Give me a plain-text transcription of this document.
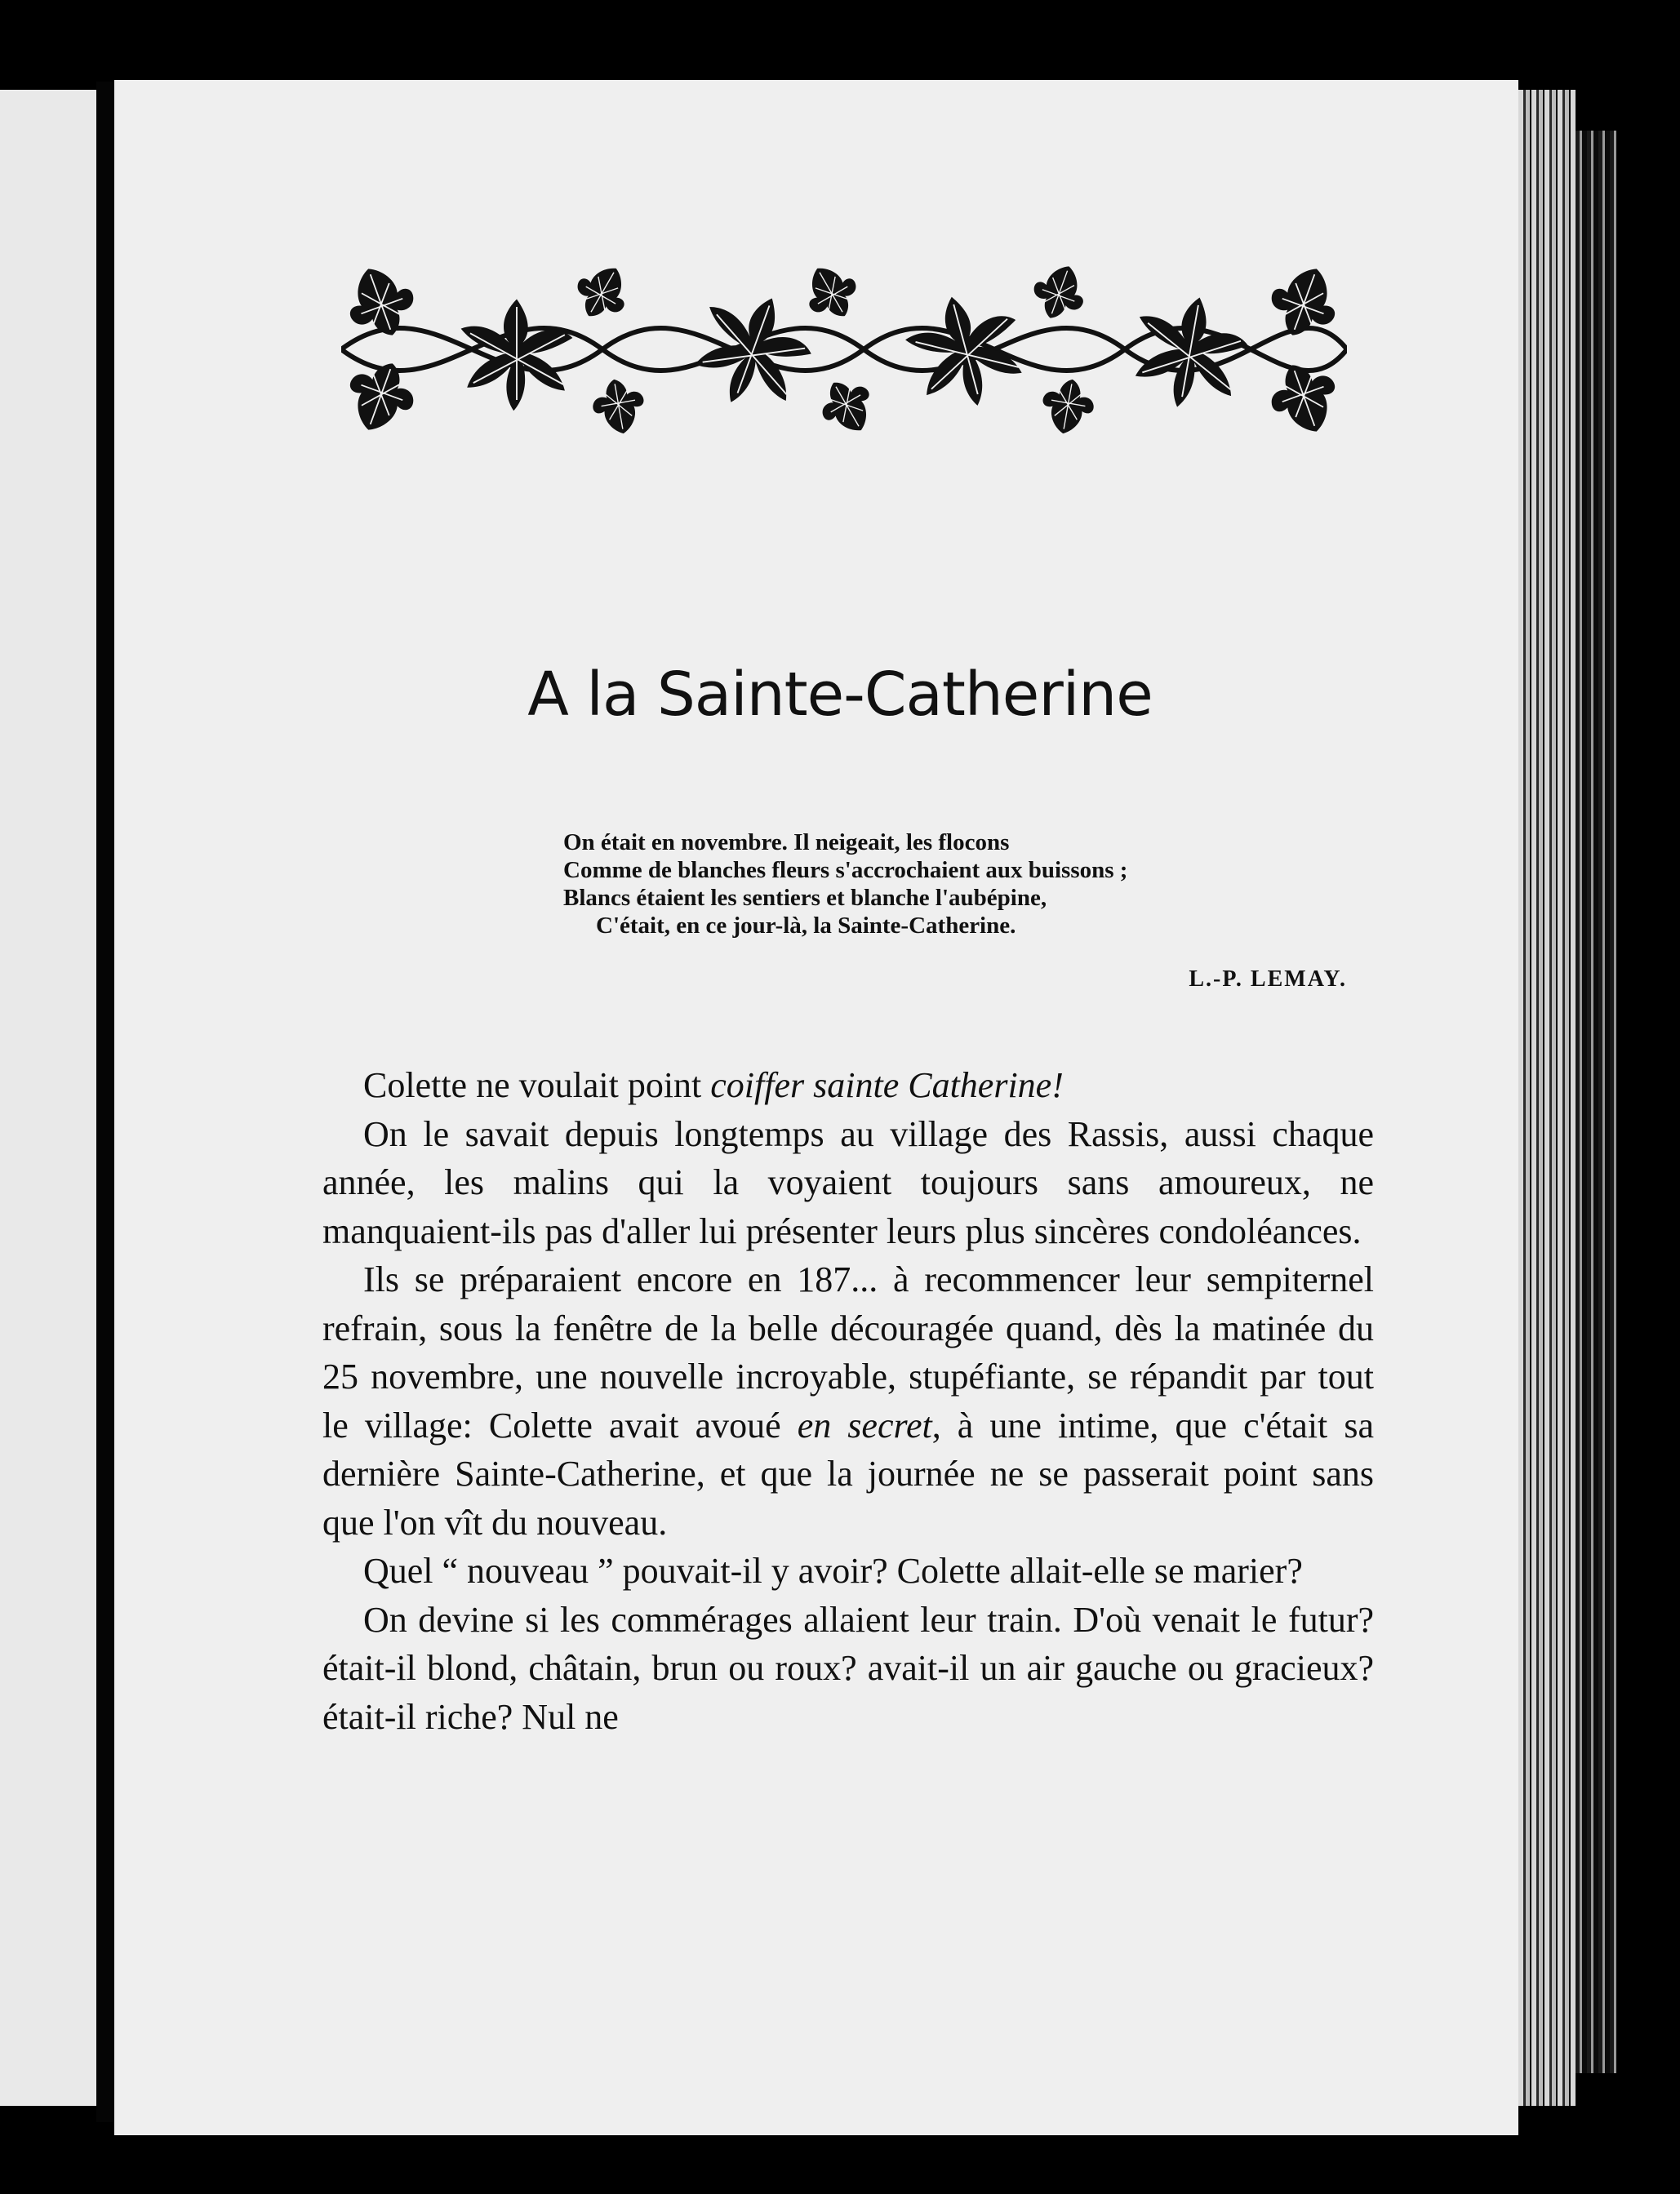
A la Sainte-Catherine
On était en novembre. Il neigeait, les flocons
Comme de blanches fleurs s'accrochaient aux buissons ;
Blancs étaient les sentiers et blanche l'aubépine,
C'était, en ce jour-là, la Sainte-Catherine.
L.-P. LEMAY.

Colette ne voulait point coiffer sainte Catherine!

On le savait depuis longtemps au village des Rassis, aussi chaque année, les malins qui la voyaient toujours sans amoureux, ne manquaient-ils pas d'aller lui présenter leurs plus sincères condoléances.

Ils se préparaient encore en 187... à recommencer leur sempiternel refrain, sous la fenêtre de la belle découragée quand, dès la matinée du 25 novembre, une nouvelle incroyable, stupéfiante, se répandit par tout le village: Colette avait avoué en secret, à une intime, que c'était sa dernière Sainte-Catherine, et que la journée ne se passerait point sans que l'on vît du nouveau.

Quel “ nouveau ” pouvait-il y avoir? Colette allait-elle se marier?

On devine si les commérages allaient leur train. D'où venait le futur? était-il blond, châtain, brun ou roux? avait-il un air gauche ou gracieux? était-il riche? Nul ne
